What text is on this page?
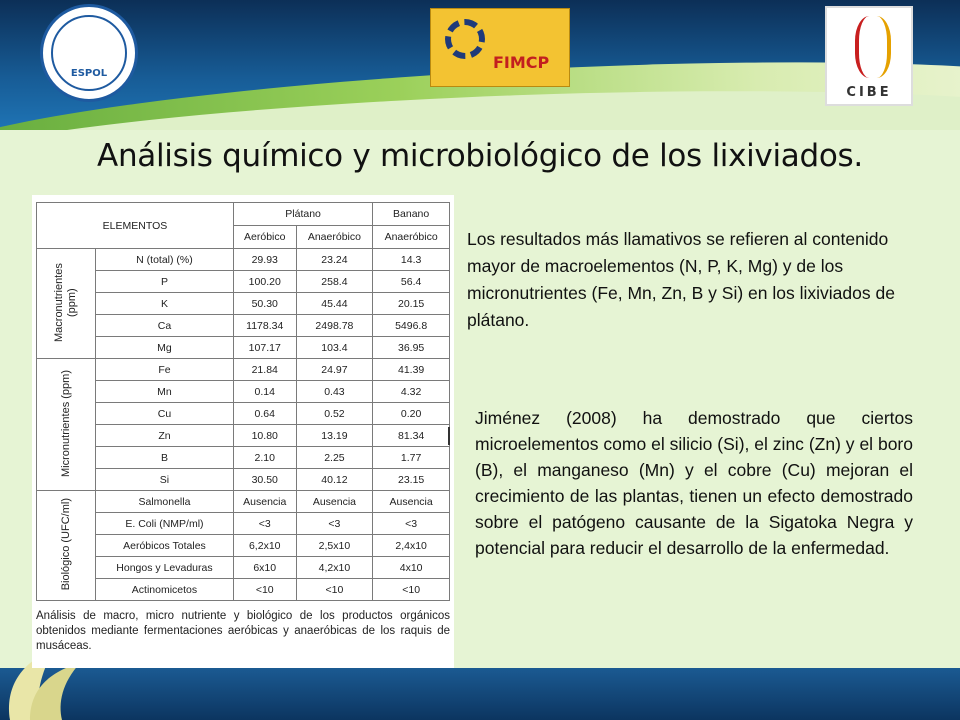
ESPOL
FIMCP
CIBE
Análisis químico y microbiológico de los lixiviados.
ELEMENTOS		Plátano		Banano
		Aeróbico	Anaeróbico	Anaeróbico
Macronutrientes (ppm)	N (total) (%)	29.93	23.24	14.3
	P	100.20	258.4	56.4
	K	50.30	45.44	20.15
	Ca	1178.34	2498.78	5496.8
	Mg	107.17	103.4	36.95
Micronutrientes (ppm)	Fe	21.84	24.97	41.39
	Mn	0.14	0.43	4.32
	Cu	0.64	0.52	0.20
	Zn	10.80	13.19	81.34
	B	2.10	2.25	1.77
	Si	30.50	40.12	23.15
Biológico (UFC/ml)	Salmonella	Ausencia	Ausencia	Ausencia
	E. Coli (NMP/ml)	<3	<3	<3
	Aeróbicos Totales	6,2x10	2,5x10	2,4x10
	Hongos y Levaduras	6x10	4,2x10	4x10
	Actinomicetos	<10	<10	<10
Análisis de macro, micro nutriente y biológico de los productos orgánicos obtenidos mediante fermentaciones aeróbicas y anaeróbicas de los raquis de musáceas.
Los resultados más llamativos se refieren al contenido mayor de macroelementos (N, P, K, Mg) y de los micronutrientes (Fe, Mn, Zn, B y Si) en los lixiviados de plátano.
Jiménez (2008) ha demostrado que ciertos microelementos como el silicio (Si), el zinc (Zn) y el boro (B), el manganeso (Mn) y el cobre (Cu) mejoran el crecimiento de las plantas, tienen un efecto demostrado sobre el patógeno causante de la Sigatoka Negra y potencial para reducir el desarrollo de la enfermedad.
